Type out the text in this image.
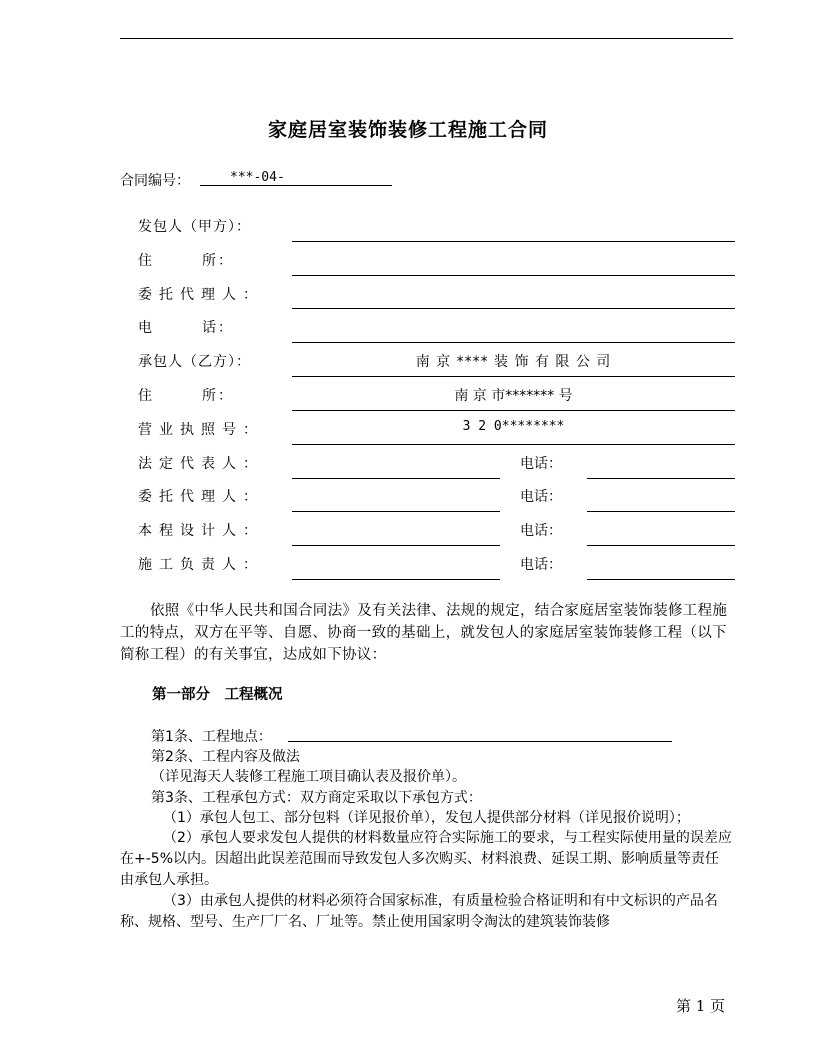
家庭居室装饰装修工程施工合同
合同编号：	***-04-
发包人（甲方）：
住　　　所：
委托代理人：
电　　　话：
承包人（乙方）：	南 京 **** 装 饰 有 限 公 司
住　　　所：	南 京 市******* 号
营业执照号：	3 2 0********
法定代表人：	电话：
委托代理人：	电话：
本程设计人：	电话：
施工负责人：	电话：
依照《中华人民共和国合同法》及有关法律、法规的规定，结合家庭居室装饰装修工程施工的特点，双方在平等、自愿、协商一致的基础上，就发包人的家庭居室装饰装修工程（以下简称工程）的有关事宜，达成如下协议：
第一部分　工程概况
第1条、工程地点：
第2条、工程内容及做法
（详见海天人装修工程施工项目确认表及报价单）。
第3条、工程承包方式：双方商定采取以下承包方式：
（1）承包人包工、部分包料（详见报价单），发包人提供部分材料（详见报价说明）；
（2）承包人要求发包人提供的材料数量应符合实际施工的要求，与工程实际使用量的误差应在+-5%以内。因超出此误差范围而导致发包人多次购买、材料浪费、延误工期、影响质量等责任由承包人承担。
（3）由承包人提供的材料必须符合国家标准，有质量检验合格证明和有中文标识的产品名称、规格、型号、生产厂厂名、厂址等。禁止使用国家明令淘汰的建筑装饰装修
第 1 页
